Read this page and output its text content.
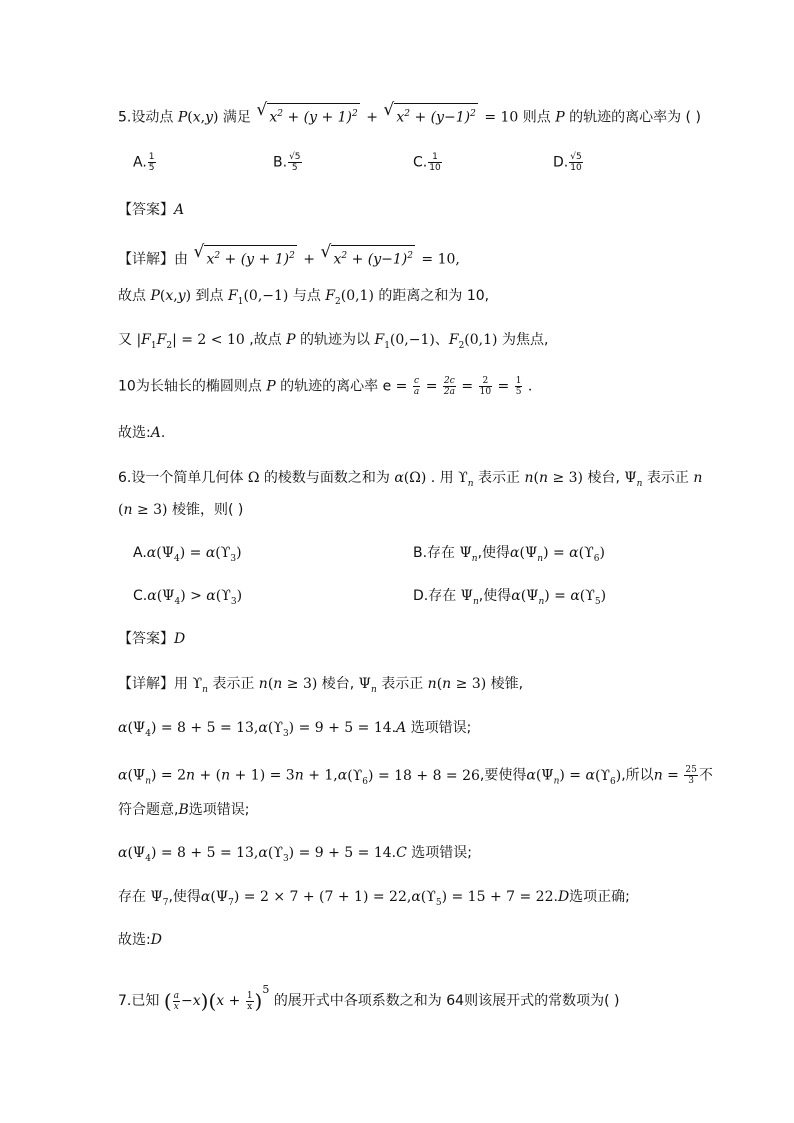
5.设动点 P(x,y) 满足 √ $x^2 + (y + 1)^2$ + √ $x^2 + (y-1)^2 = 10$ 则点 P 的轨迹的离心率为 ( )
A. $\frac{1}{5}$	B. $\frac{√5}{5}$	C. $\frac{1}{10}$	D. $\frac{√5}{10}$
【答案】A
【详解】由 √ $x^2 + (y + 1)^2$ + √ $x^2 + (y-1)^2 = 10$,
故点 P(x,y) 到点 $F_1(0,-1)$ 与点 $F_2(0,1)$ 的距离之和为 10,
又 $|F_1F_2| = 2 < 10$ ,故点 P 的轨迹为以 $F_1(0,-1)$、$F_2(0,1)$ 为焦点,
10为长轴长的椭圆则点 P 的轨迹的离心率 $e = \frac{c}{a} = \frac{2c}{2a} = \frac{2}{10} = \frac{1}{5}$ .
故选:A.
6.设一个简单几何体 Ω 的棱数与面数之和为 α(Ω) . 用 $ϒ_n$ 表示正 n(n ≥ 3) 棱台, $\Psi_n$ 表示正 n
(n ≥ 3) 棱锥，则( )
$A.\alpha(\Psi_4) = \alpha(ϒ_3)$	B.存在 $\Psi_n$,使得$\alpha(\Psi_n) = \alpha(ϒ_6)$
$C.\alpha(\Psi_4) > \alpha(ϒ_3)$	D.存在 $\Psi_n$,使得$\alpha(\Psi_n) = \alpha(ϒ_5)$
【答案】D
【详解】用 $ϒ_n$ 表示正 n(n ≥ 3) 棱台, $\Psi_n$ 表示正 n(n ≥ 3) 棱锥,
$\alpha(\Psi_4) = 8 + 5 = 13,\alpha(ϒ_3) = 9 + 5 = 14.A$ 选项错误;
$\alpha(\Psi_n) = 2n + (n + 1) = 3n + 1,\alpha(ϒ_6) = 18 + 8 = 26$,要使得$\alpha(\Psi_n) = \alpha(ϒ_6)$,所以$n = \frac{25}{3}$ 不
符合题意,B选项错误;
$\alpha(\Psi_4) = 8 + 5 = 13,\alpha(ϒ_3) = 9 + 5 = 14.C$ 选项错误;
存在 $\Psi_7$,使得$\alpha(\Psi_7) = 2 \times 7 + (7 + 1) = 22,\alpha(ϒ_5) = 15 + 7 = 22.D$选项正确;
故选:D
7.已知 ( $\frac{a}{x} -x)(x + \frac{1}{x} )^5$ 的展开式中各项系数之和为 64则该展开式的常数项为( )
